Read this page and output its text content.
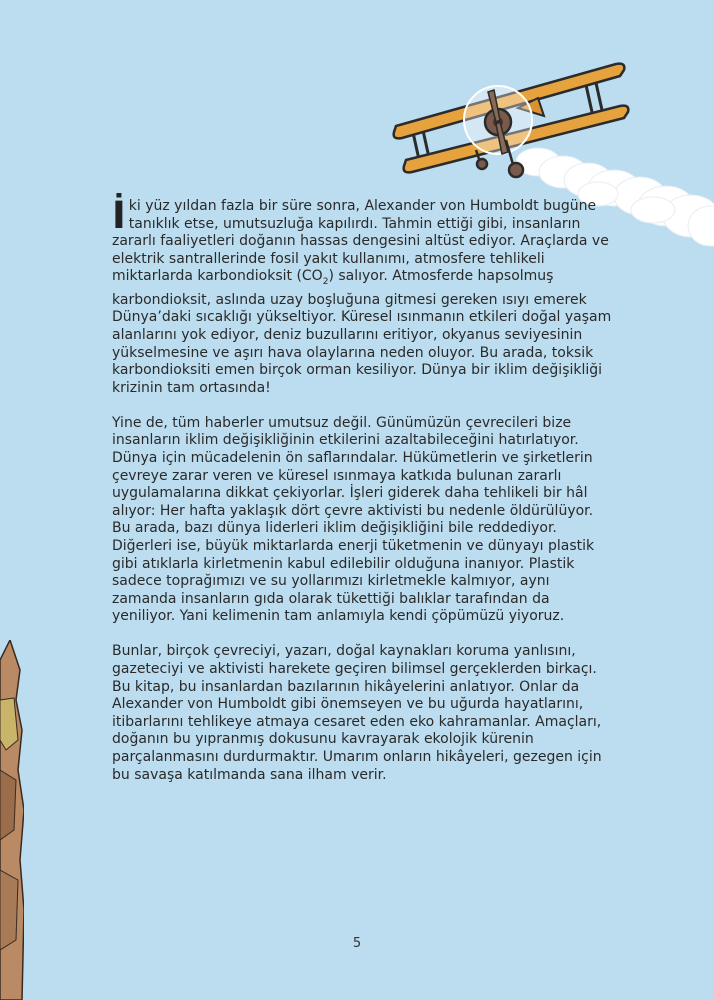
İki yüz yıldan fazla bir süre sonra, Alexander von Humboldt bugüne tanıklık etse, umutsuzluğa kapılırdı. Tahmin ettiği gibi, insanların zararlı faaliyetleri doğanın hassas dengesini altüst ediyor. Araçlarda ve elektrik santrallerinde fosil yakıt kullanımı, atmosfere tehlikeli miktarlarda karbondioksit $(CO_2)$ salıyor. Atmosferde hapsolmuş karbondioksit, aslında uzay boşluğuna gitmesi gereken ısıyı emerek Dünya’daki sıcaklığı yükseltiyor. Küresel ısınmanın etkileri doğal yaşam alanlarını yok ediyor, deniz buzullarını eritiyor, okyanus seviyesinin yükselmesine ve aşırı hava olaylarına neden oluyor. Bu arada, toksik karbondioksiti emen birçok orman kesiliyor. Dünya bir iklim değişikliği krizinin tam ortasında!

Yine de, tüm haberler umutsuz değil. Günümüzün çevrecileri bize insanların iklim değişikliğinin etkilerini azaltabileceğini hatırlatıyor. Dünya için mücadelenin ön saflarındalar. Hükümetlerin ve şirketlerin çevreye zarar veren ve küresel ısınmaya katkıda bulunan zararlı uygulamalarına dikkat çekiyorlar. İşleri giderek daha tehlikeli bir hâl alıyor: Her hafta yaklaşık dört çevre aktivisti bu nedenle öldürülüyor. Bu arada, bazı dünya liderleri iklim değişikliğini bile reddediyor. Diğerleri ise, büyük miktarlarda enerji tüketmenin ve dünyayı plastik gibi atıklarla kirletmenin kabul edilebilir olduğuna inanıyor. Plastik sadece toprağımızı ve su yollarımızı kirletmekle kalmıyor, aynı zamanda insanların gıda olarak tükettiği balıklar tarafından da yeniliyor. Yani kelimenin tam anlamıyla kendi çöpümüzü yiyoruz.

Bunlar, birçok çevreciyi, yazarı, doğal kaynakları koruma yanlısını, gazeteciyi ve aktivisti harekete geçiren bilimsel gerçeklerden birkaçı. Bu kitap, bu insanlardan bazılarının hikâyelerini anlatıyor. Onlar da Alexander von Humboldt gibi önemseyen ve bu uğurda hayatlarını, itibarlarını tehlikeye atmaya cesaret eden eko kahramanlar. Amaçları, doğanın bu yıpranmış dokusunu kavrayarak ekolojik kürenin parçalanmasını durdurmaktır. Umarım onların hikâyeleri, gezegen için bu savaşa katılmanda sana ilham verir.

5
